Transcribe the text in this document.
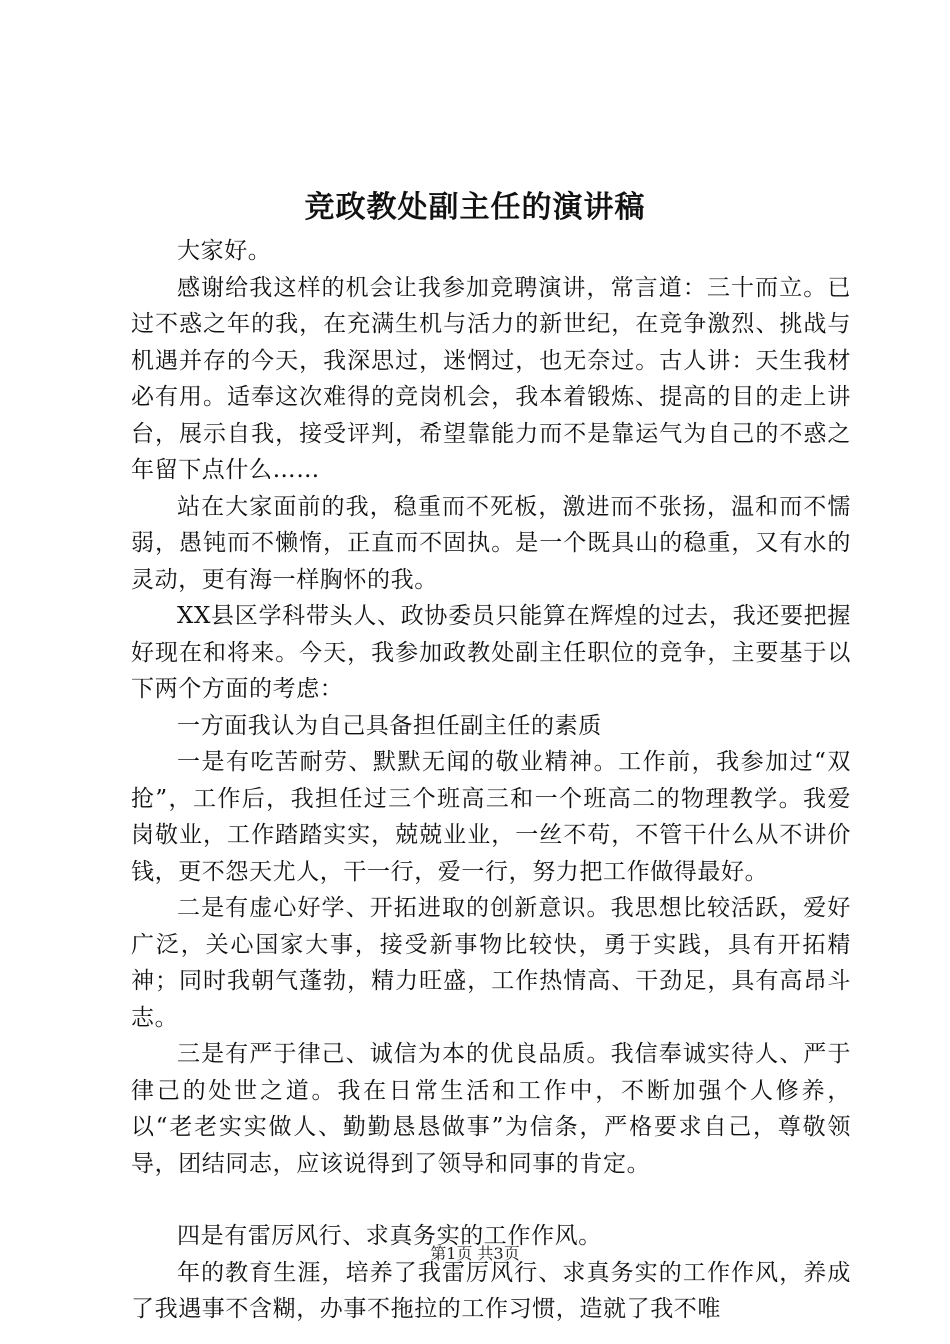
竞政教处副主任的演讲稿

大家好。

感谢给我这样的机会让我参加竞聘演讲，常言道：三十而立。已过不惑之年的我，在充满生机与活力的新世纪，在竞争激烈、挑战与机遇并存的今天，我深思过，迷惘过，也无奈过。古人讲：天生我材必有用。适奉这次难得的竞岗机会，我本着锻炼、提高的目的走上讲台，展示自我，接受评判，希望靠能力而不是靠运气为自己的不惑之年留下点什么……

站在大家面前的我，稳重而不死板，激进而不张扬，温和而不懦弱，愚钝而不懒惰，正直而不固执。是一个既具山的稳重，又有水的灵动，更有海一样胸怀的我。

XX县区学科带头人、政协委员只能算在辉煌的过去，我还要把握好现在和将来。今天，我参加政教处副主任职位的竞争，主要基于以下两个方面的考虑：

一方面我认为自己具备担任副主任的素质

一是有吃苦耐劳、默默无闻的敬业精神。工作前，我参加过“双抢”，工作后，我担任过三个班高三和一个班高二的物理教学。我爱岗敬业，工作踏踏实实，兢兢业业，一丝不苟，不管干什么从不讲价钱，更不怨天尤人，干一行，爱一行，努力把工作做得最好。

二是有虚心好学、开拓进取的创新意识。我思想比较活跃，爱好广泛，关心国家大事，接受新事物比较快，勇于实践，具有开拓精神；同时我朝气蓬勃，精力旺盛，工作热情高、干劲足，具有高昂斗志。

三是有严于律己、诚信为本的优良品质。我信奉诚实待人、严于律己的处世之道。我在日常生活和工作中，不断加强个人修养，以“老老实实做人、勤勤恳恳做事”为信条，严格要求自己，尊敬领导，团结同志，应该说得到了领导和同事的肯定。

四是有雷厉风行、求真务实的工作作风。

年的教育生涯，培养了我雷厉风行、求真务实的工作作风，养成了我遇事不含糊，办事不拖拉的工作习惯，造就了我不唯

第1页 共3页
